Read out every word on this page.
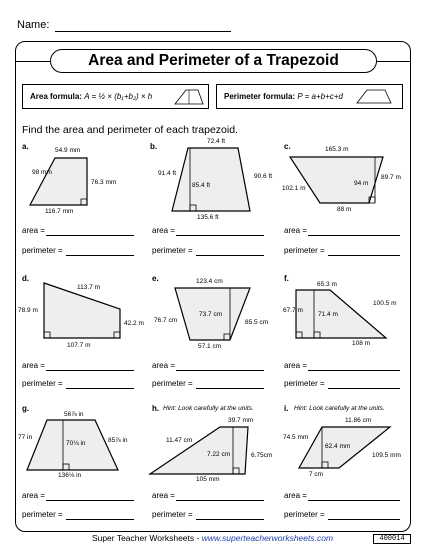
Name:
Area and Perimeter of a Trapezoid
Area formula: A = ½ × (b₁+b₂) × h	Perimeter formula: P = a+b+c+d
Find the area and perimeter of each trapezoid.
a.	54.9 mm
98 mm
76.3 mm
116.7 mm
b.
72.4 ft
91.4 ft
85.4 ft
90.6 ft
135.6 ft
c.	165.3 m
102.1 m
94 m
89.7 m
88 m
area =
perimeter =
area =
perimeter =
area =
perimeter =
d.
113.7 m
78.9 m
42.2 m
107.7 m
e.	123.4 cm
76.7 cm
73.7 cm
85.5 cm
57.1 cm
f.
65.3 m
67.7 m
71.4 m
100.5 m
108 m
area =
perimeter =
area =
perimeter =
area =
perimeter =
g.
56⅞ in
77 in
70⅛ in	85⅞ in
136⅛ in
h. Hint: Look carefully at the units.
39.7 mm
11.47 cm
7.22 cm	6.75cm
105 mm
i. Hint: Look carefully at the units.
11.86 cm
74.5 mm
62.4 mm
109.5 mm
7 cm
area =
perimeter =
area =
perimeter =
area =
perimeter =
Super Teacher Worksheets - www.superteacherworksheets.com	400014
